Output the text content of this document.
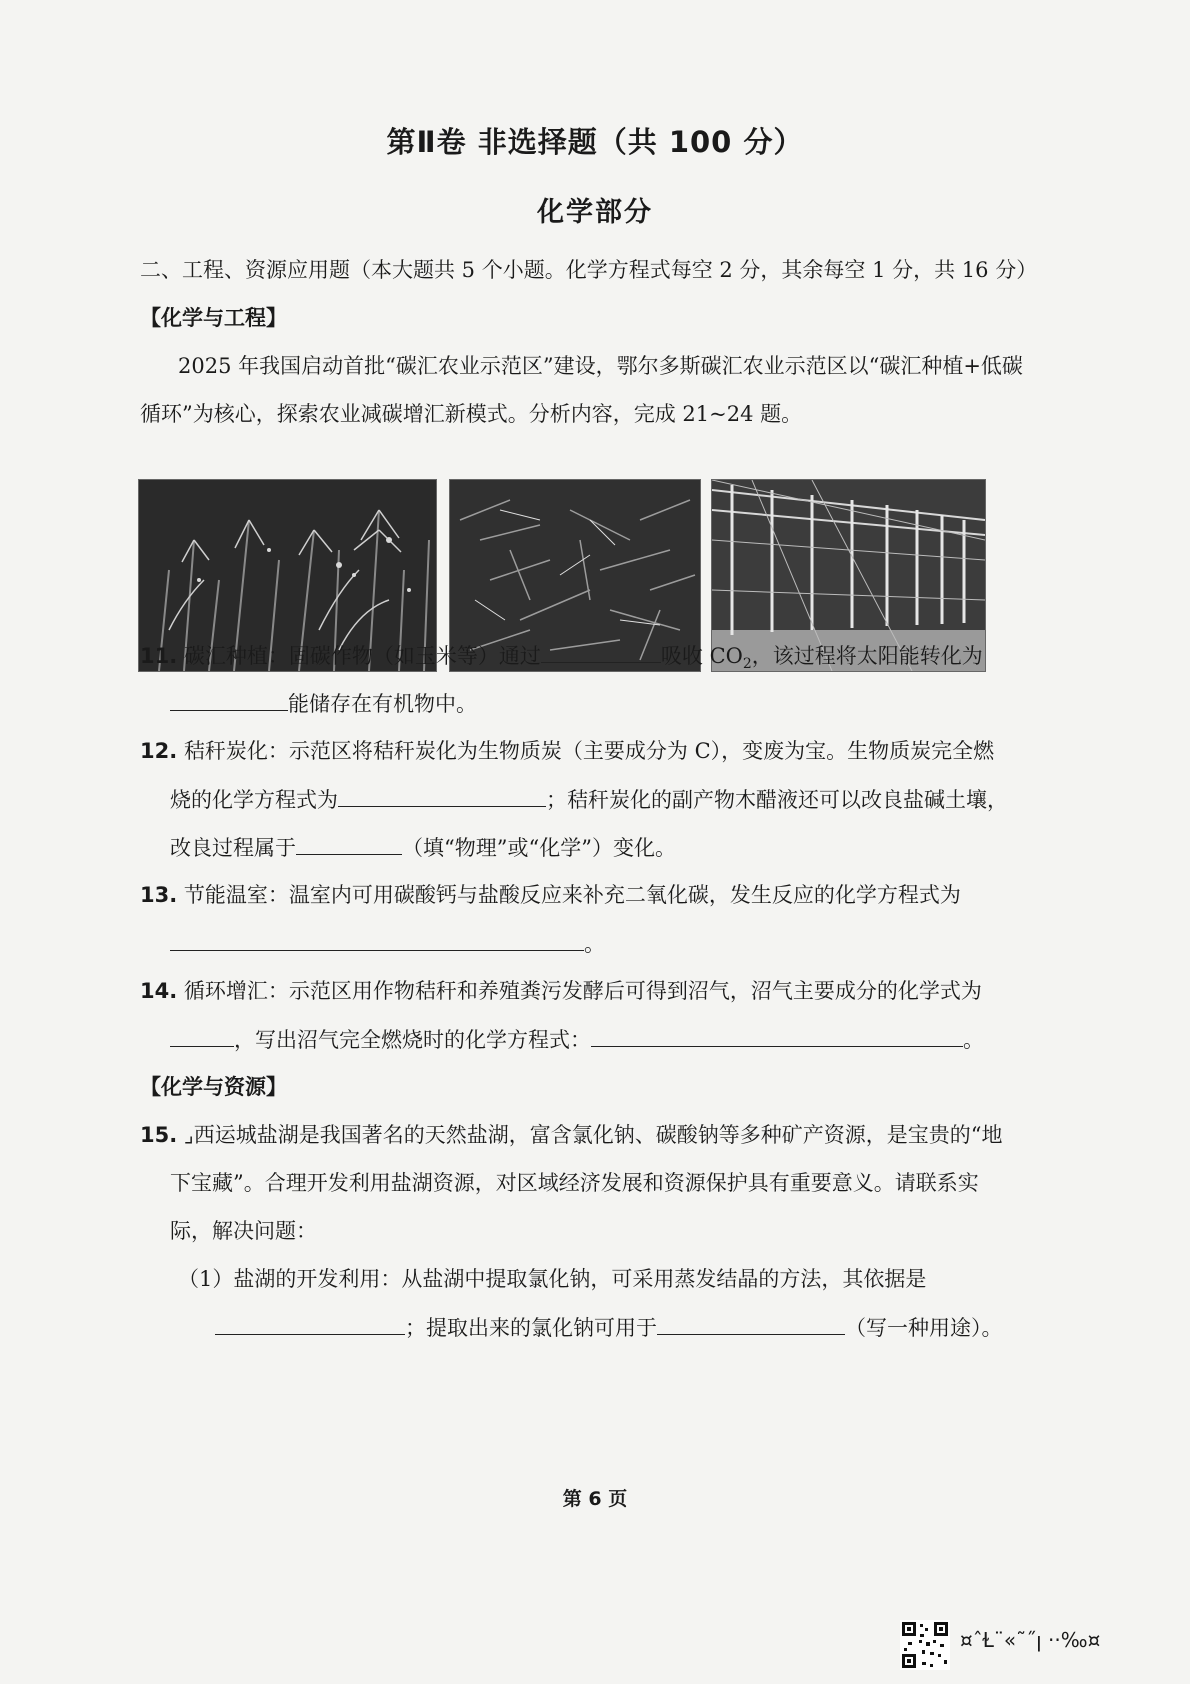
第Ⅱ卷 非选择题（共 100 分）
化学部分
二、工程、资源应用题（本大题共 5 个小题。化学方程式每空 2 分，其余每空 1 分，共 16 分）
【化学与工程】
2025 年我国启动首批“碳汇农业示范区”建设，鄂尔多斯碳汇农业示范区以“碳汇种植+低碳
循环”为核心，探索农业减碳增汇新模式。分析内容，完成 21~24 题。
11. 碳汇种植：固碳作物（如玉米等）通过	吸收 $CO_2$，该过程将太阳能转化为
能储存在有机物中。
12. 秸秆炭化：示范区将秸秆炭化为生物质炭（主要成分为 C），变废为宝。生物质炭完全燃
烧的化学方程式为	；秸秆炭化的副产物木醋液还可以改良盐碱土壤，
改良过程属于	（填“物理”或“化学”）变化。
13. 节能温室：温室内可用碳酸钙与盐酸反应来补充二氧化碳，发生反应的化学方程式为
。
14. 循环增汇：示范区用作物秸秆和养殖粪污发酵后可得到沼气，沼气主要成分的化学式为
，写出沼气完全燃烧时的化学方程式：	。
【化学与资源】
15. ⌟西运城盐湖是我国著名的天然盐湖，富含氯化钠、碳酸钠等多种矿产资源，是宝贵的“地
下宝藏”。合理开发利用盐湖资源，对区域经济发展和资源保护具有重要意义。请联系实
际，解决问题：
（1）盐湖的开发利用：从盐湖中提取氯化钠，可采用蒸发结晶的方法，其依据是
；提取出来的氯化钠可用于	（写一种用途）。
第 6 页
¤ˆⱢ¨«˜˝ꞁ ··‰¤
